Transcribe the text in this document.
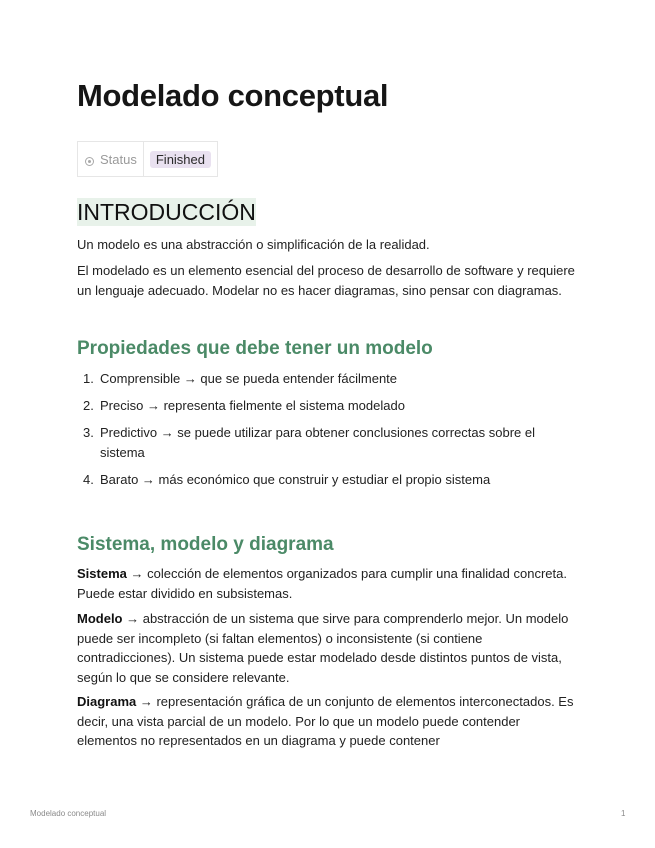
Modelado conceptual
Status	Finished
INTRODUCCIÓN

Un modelo es una abstracción o simplificación de la realidad.

El modelado es un elemento esencial del proceso de desarrollo de software y requiere un lenguaje adecuado. Modelar no es hacer diagramas, sino pensar con diagramas.

Propiedades que debe tener un modelo
1. Comprensible → que se pueda entender fácilmente
2. Preciso → representa fielmente el sistema modelado
3. Predictivo → se puede utilizar para obtener conclusiones correctas sobre el sistema
4. Barato → más económico que construir y estudiar el propio sistema
Sistema, modelo y diagrama

Sistema → colección de elementos organizados para cumplir una finalidad concreta. Puede estar dividido en subsistemas.

Modelo → abstracción de un sistema que sirve para comprenderlo mejor. Un modelo puede ser incompleto (si faltan elementos) o inconsistente (si contiene contradicciones). Un sistema puede estar modelado desde distintos puntos de vista, según lo que se considere relevante.

Diagrama → representación gráfica de un conjunto de elementos interconectados. Es decir, una vista parcial de un modelo. Por lo que un modelo puede contender elementos no representados en un diagrama y puede contener

Modelado conceptual	1
